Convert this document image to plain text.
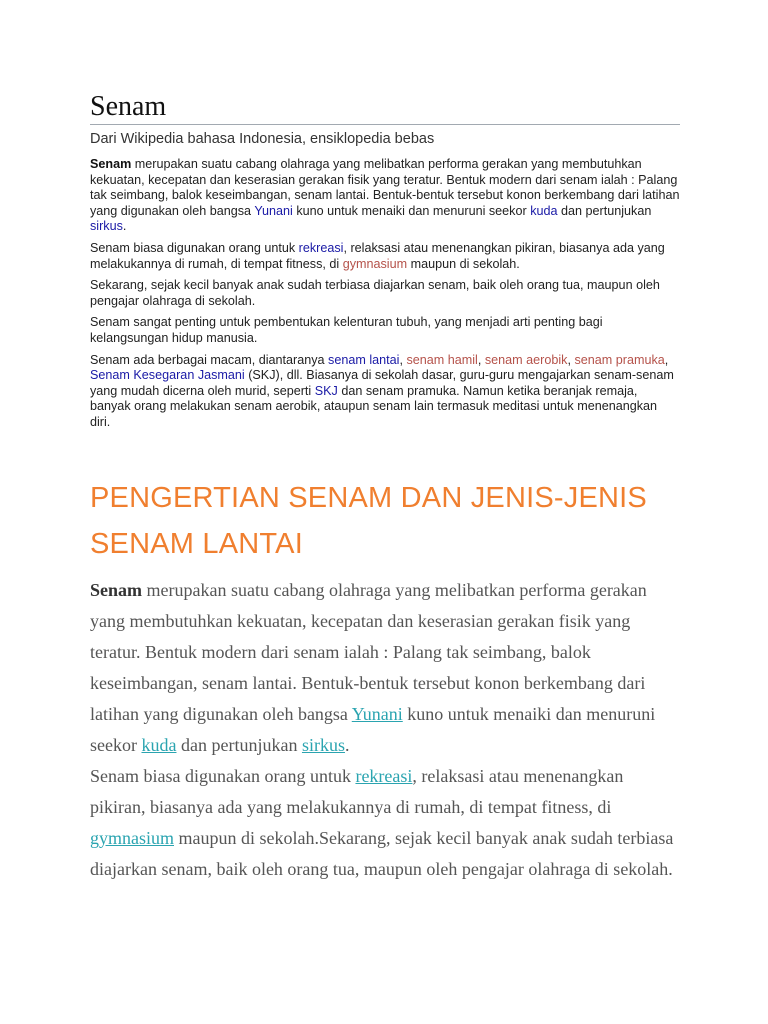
Senam
Dari Wikipedia bahasa Indonesia, ensiklopedia bebas

Senam merupakan suatu cabang olahraga yang melibatkan performa gerakan yang membutuhkan kekuatan, kecepatan dan keserasian gerakan fisik yang teratur. Bentuk modern dari senam ialah : Palang tak seimbang, balok keseimbangan, senam lantai. Bentuk-bentuk tersebut konon berkembang dari latihan yang digunakan oleh bangsa Yunani kuno untuk menaiki dan menuruni seekor kuda dan pertunjukan sirkus.

Senam biasa digunakan orang untuk rekreasi, relaksasi atau menenangkan pikiran, biasanya ada yang melakukannya di rumah, di tempat fitness, di gymnasium maupun di sekolah.

Sekarang, sejak kecil banyak anak sudah terbiasa diajarkan senam, baik oleh orang tua, maupun oleh pengajar olahraga di sekolah.

Senam sangat penting untuk pembentukan kelenturan tubuh, yang menjadi arti penting bagi kelangsungan hidup manusia.

Senam ada berbagai macam, diantaranya senam lantai, senam hamil, senam aerobik, senam pramuka, Senam Kesegaran Jasmani (SKJ), dll. Biasanya di sekolah dasar, guru-guru mengajarkan senam-senam yang mudah dicerna oleh murid, seperti SKJ dan senam pramuka. Namun ketika beranjak remaja, banyak orang melakukan senam aerobik, ataupun senam lain termasuk meditasi untuk menenangkan diri.

PENGERTIAN SENAM DAN JENIS-JENIS SENAM LANTAI

Senam merupakan suatu cabang olahraga yang melibatkan performa gerakan yang membutuhkan kekuatan, kecepatan dan keserasian gerakan fisik yang teratur. Bentuk modern dari senam ialah : Palang tak seimbang, balok keseimbangan, senam lantai. Bentuk-bentuk tersebut konon berkembang dari latihan yang digunakan oleh bangsa Yunani kuno untuk menaiki dan menuruni seekor kuda dan pertunjukan sirkus.
Senam biasa digunakan orang untuk rekreasi, relaksasi atau menenangkan pikiran, biasanya ada yang melakukannya di rumah, di tempat fitness, di gymnasium maupun di sekolah.Sekarang, sejak kecil banyak anak sudah terbiasa diajarkan senam, baik oleh orang tua, maupun oleh pengajar olahraga di sekolah.
